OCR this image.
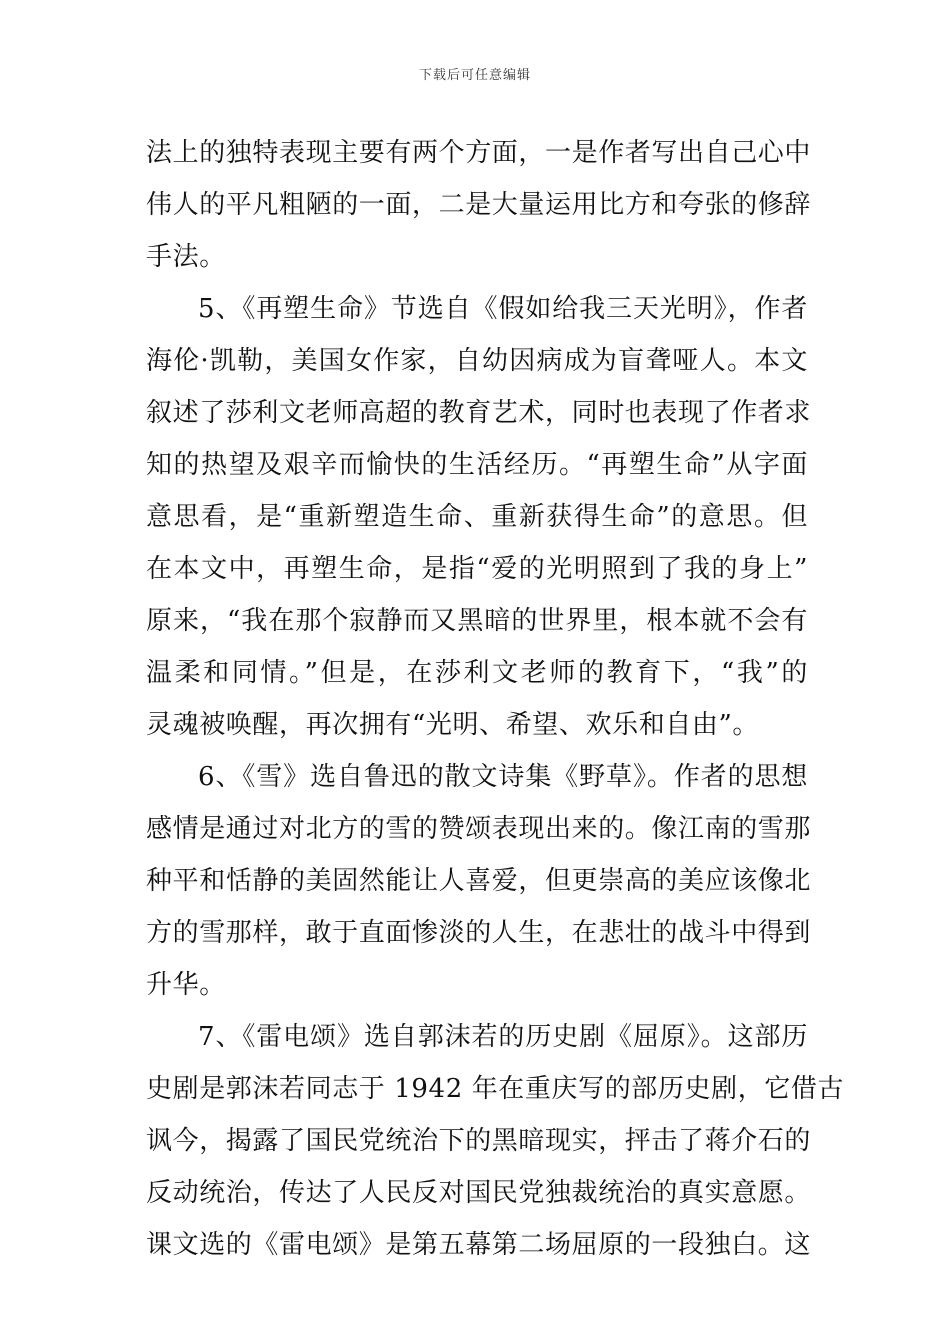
下载后可任意编辑
法上的独特表现主要有两个方面，一是作者写出自己心中
伟人的平凡粗陋的一面，二是大量运用比方和夸张的修辞
手法。
5、《再塑生命》节选自《假如给我三天光明》，作者
海伦·凯勒，美国女作家，自幼因病成为盲聋哑人。本文
叙述了莎利文老师高超的教育艺术，同时也表现了作者求
知的热望及艰辛而愉快的生活经历。“再塑生命”从字面
意思看，是“重新塑造生命、重新获得生命”的意思。但
在本文中，再塑生命，是指“爱的光明照到了我的身上”
原来，“我在那个寂静而又黑暗的世界里，根本就不会有
温柔和同情。”但是，在莎利文老师的教育下，“我”的
灵魂被唤醒，再次拥有“光明、希望、欢乐和自由”。
6、《雪》选自鲁迅的散文诗集《野草》。作者的思想
感情是通过对北方的雪的赞颂表现出来的。像江南的雪那
种平和恬静的美固然能让人喜爱，但更崇高的美应该像北
方的雪那样，敢于直面惨淡的人生，在悲壮的战斗中得到
升华。
7、《雷电颂》选自郭沫若的历史剧《屈原》。这部历
史剧是郭沫若同志于 1942 年在重庆写的部历史剧，它借古
讽今，揭露了国民党统治下的黑暗现实，抨击了蒋介石的
反动统治，传达了人民反对国民党独裁统治的真实意愿。
课文选的《雷电颂》是第五幕第二场屈原的一段独白。这
